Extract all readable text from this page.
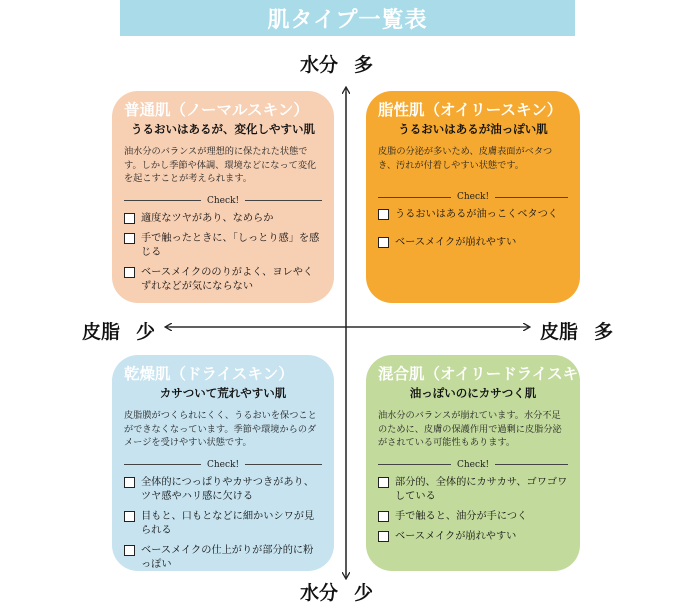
肌タイプ一覧表
水分 多
水分 少
皮脂 少	皮脂 多
普通肌（ノーマルスキン）
うるおいはあるが、変化しやすい肌
油水分のバランスが理想的に保たれた状態です。しかし季節や体調、環境などになって変化を起こすことが考えられます。
Check!
適度なツヤがあり、なめらか
手で触ったときに、「しっとり感」を感じる
ベースメイクののりがよく、ヨレやくずれなどが気にならない
脂性肌（オイリースキン）
うるおいはあるが油っぽい肌
皮脂の分泌が多いため、皮膚表面がベタつき、汚れが付着しやすい状態です。
Check!
うるおいはあるが油っこくベタつく
ベースメイクが崩れやすい
乾燥肌（ドライスキン）
カサついて荒れやすい肌
皮脂膜がつくられにくく、うるおいを保つことができなくなっています。季節や環境からのダメージを受けやすい状態です。
Check!
全体的につっぱりやカサつきがあり、ツヤ感やハリ感に欠ける
目もと、口もとなどに細かいシワが見られる
ベースメイクの仕上がりが部分的に粉っぽい
混合肌（オイリードライスキン）
油っぽいのにカサつく肌
油水分のバランスが崩れています。水分不足のために、皮膚の保護作用で過剰に皮脂分泌がされている可能性もあります。
Check!
部分的、全体的にカサカサ、ゴワゴワしている
手で触ると、油分が手につく
ベースメイクが崩れやすい
